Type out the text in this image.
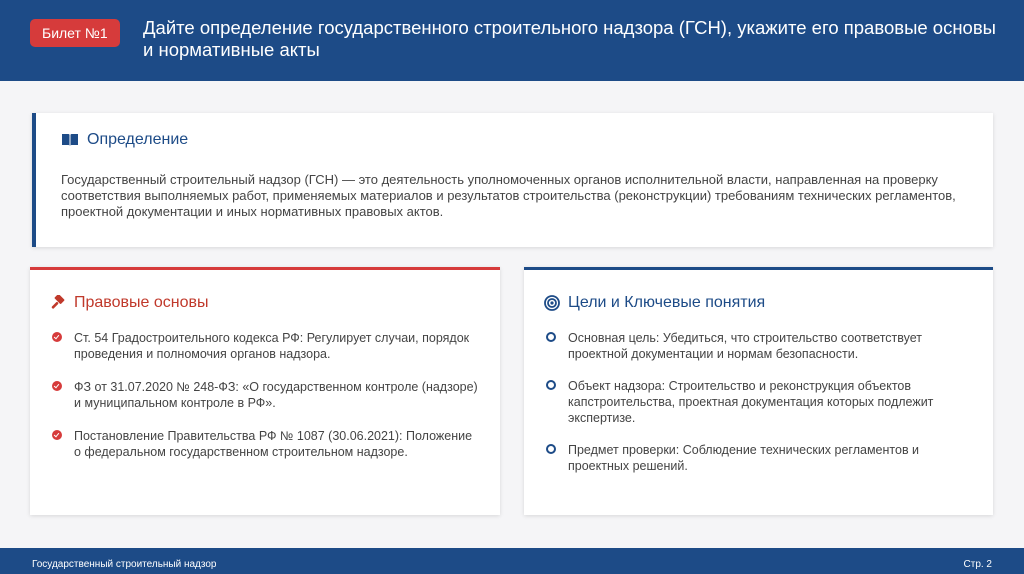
Билет №1	Дайте определение государственного строительного надзора (ГСН), укажите его правовые основы и нормативные акты
Определение

Государственный строительный надзор (ГСН) — это деятельность уполномоченных органов исполнительной власти, направленная на проверку соответствия выполняемых работ, применяемых материалов и результатов строительства (реконструкции) требованиям технических регламентов, проектной документации и иных нормативных правовых актов.

Правовые основы
Ст. 54 Градостроительного кодекса РФ: Регулирует случаи, порядок проведения и полномочия органов надзора.
ФЗ от 31.07.2020 № 248-ФЗ: «О государственном контроле (надзоре) и муниципальном контроле в РФ».
Постановление Правительства РФ № 1087 (30.06.2021): Положение о федеральном государственном строительном надзоре.
Цели и Ключевые понятия
Основная цель: Убедиться, что строительство соответствует проектной документации и нормам безопасности.
Объект надзора: Строительство и реконструкция объектов капстроительства, проектная документация которых подлежит экспертизе.
Предмет проверки: Соблюдение технических регламентов и проектных решений.
Государственный строительный надзор	Стр. 2
